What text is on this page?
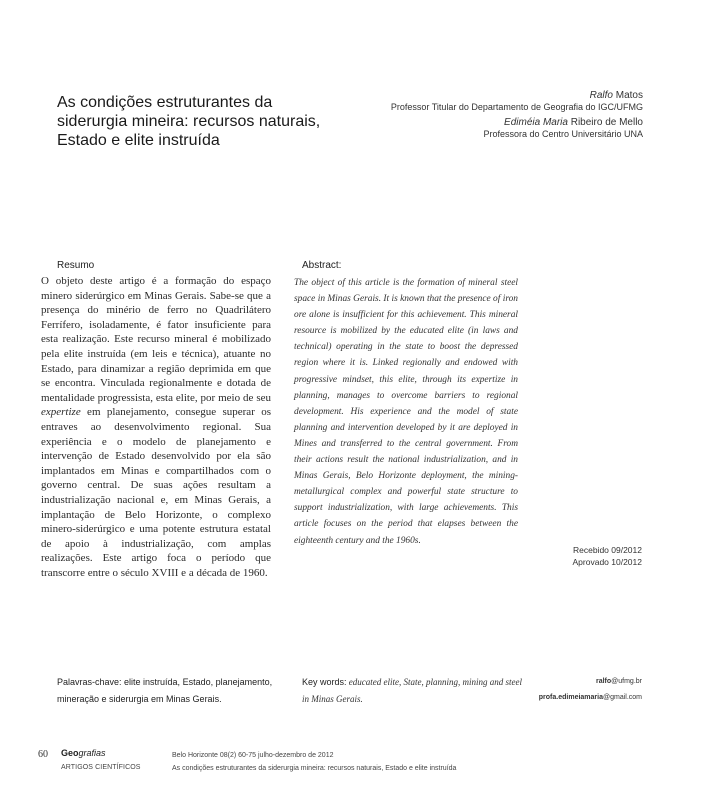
As condições estruturantes da siderurgia mineira: recursos naturais, Estado e elite instruída
Ralfo Matos
Professor Titular do Departamento de Geografia do IGC/UFMG
Ediméia Maria Ribeiro de Mello
Professora do Centro Universitário UNA
Resumo
O objeto deste artigo é a formação do espaço minero siderúrgico em Minas Gerais. Sabe-se que a presença do minério de ferro no Quadrilátero Ferrífero, isoladamente, é fator insuficiente para esta realização. Este recurso mineral é mobilizado pela elite instruída (em leis e técnica), atuante no Estado, para dinamizar a região deprimida em que se encontra. Vinculada regionalmente e dotada de mentalidade progressista, esta elite, por meio de seu expertize em planejamento, consegue superar os entraves ao desenvolvimento regional. Sua experiência e o modelo de planejamento e intervenção de Estado desenvolvido por ela são implantados em Minas e compartilhados com o governo central. De suas ações resultam a industrialização nacional e, em Minas Gerais, a implantação de Belo Horizonte, o complexo minero-siderúrgico e uma potente estrutura estatal de apoio à industrialização, com amplas realizações. Este artigo foca o período que transcorre entre o século XVIII e a década de 1960.
Abstract:
The object of this article is the formation of mineral steel space in Minas Gerais. It is known that the presence of iron ore alone is insufficient for this achievement. This mineral resource is mobilized by the educated elite (in laws and technical) operating in the state to boost the depressed region where it is. Linked regionally and endowed with progressive mindset, this elite, through its expertize in planning, manages to overcome barriers to regional development. His experience and the model of state planning and intervention developed by it are deployed in Mines and transferred to the central government. From their actions result the national industrialization, and in Minas Gerais, Belo Horizonte deployment, the mining-metallurgical complex and powerful state structure to support industrialization, with large achievements. This article focuses on the period that elapses between the eighteenth century and the 1960s.
Recebido 09/2012
Aprovado 10/2012
Palavras-chave: elite instruída, Estado, planejamento, mineração e siderurgia em Minas Gerais.
Key words: educated elite, State, planning, mining and steel in Minas Gerais.
ralfo@ufmg.br
profa.edimeiamaria@gmail.com
60 Geografias
ARTIGOS CIENTÍFICOS
Belo Horizonte 08(2) 60-75 julho-dezembro de 2012
As condições estruturantes da siderurgia mineira: recursos naturais, Estado e elite instruída
